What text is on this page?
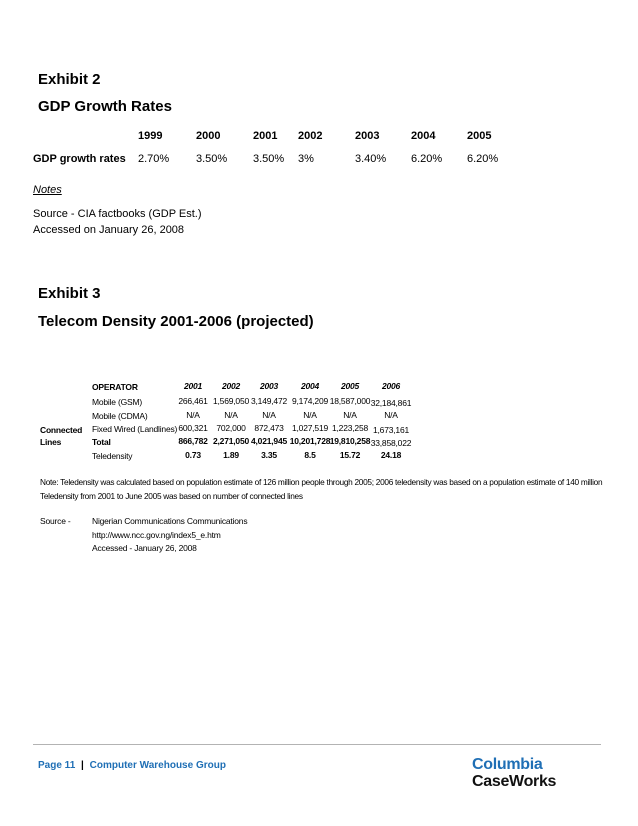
Exhibit 2
GDP Growth Rates
1999	2000	2001 2002	2003	2004	2005
GDP growth rates 2.70% 3.50% 3.50% 3%	3.40% 6.20% 6.20%
Notes
Source - CIA factbooks (GDP Est.)
Accessed on January 26, 2008
Exhibit 3
Telecom Density 2001-2006 (projected)
OPERATOR	2001	2002	2003	2004	2005	2006
Connected
Lines
Mobile (GSM)	266,461 1,569,050 3,149,472 9,174,209 18,587,000 32,184,861
Mobile (CDMA)	N/A	N/A	N/A	N/A	N/A	N/A
Fixed Wired (Landlines) 600,321	702,000	872,473 1,027,519 1,223,258 1,673,161
Total	866,782 2,271,050 4,021,945 10,201,728 19,810,258 33,858,022
Teledensity	0.73	1.89	3.35	8.5	15.72	24.18
Note: Teledensity was calculated based on population estimate of 126 million people through 2005; 2006 teledensity was based on a population estimate of 140 million
Teledensity from 2001 to June 2005 was based on number of connected lines
Source -	Nigerian Communications Communications
http://www.ncc.gov.ng/index5_e.htm
Accessed - January 26, 2008
Page 11 | Computer Warehouse Group	Columbia
CaseWorks
